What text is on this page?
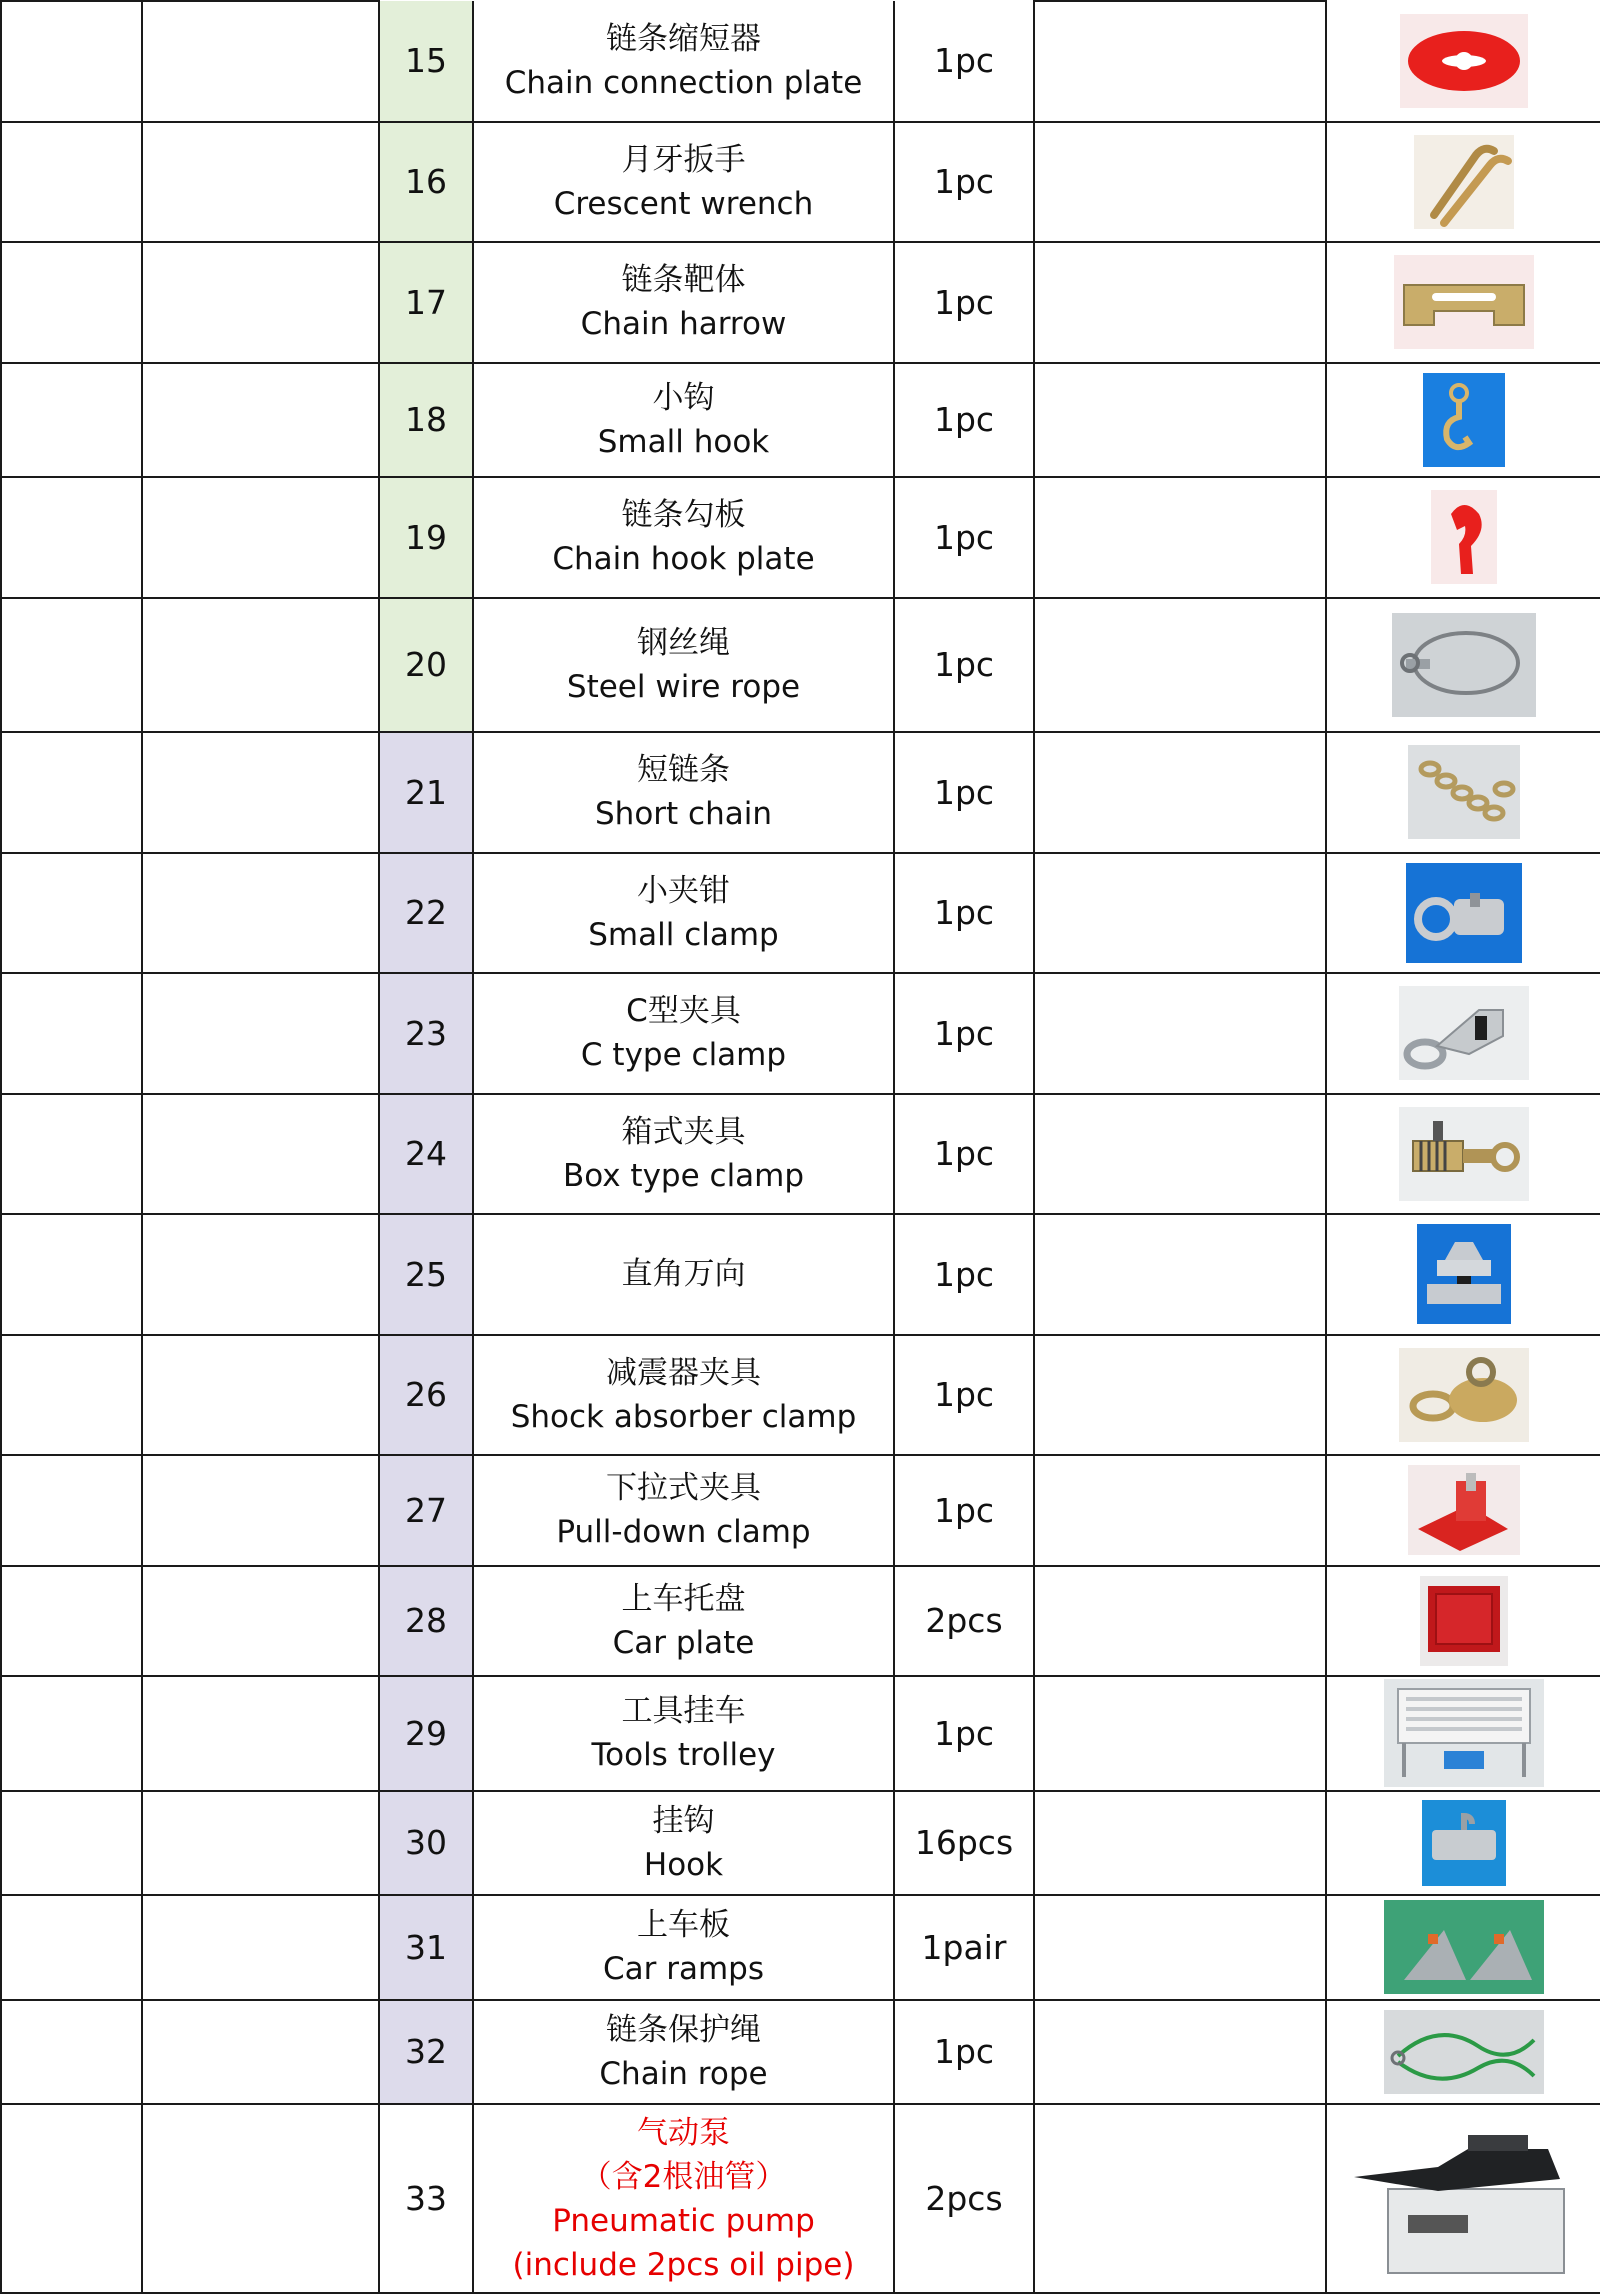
		15	链条缩短器
Chain connection plate	1pc		

		16	月牙扳手
Crescent wrench	1pc		

		17	链条靶体
Chain harrow	1pc		

		18	小钩
Small hook	1pc		

		19	链条勾板
Chain hook plate	1pc		

		20	钢丝绳
Steel wire rope	1pc		

		21	短链条
Short chain	1pc		

		22	小夹钳
Small clamp	1pc		

		23	C型夹具
C type clamp	1pc		

		24	箱式夹具
Box type clamp	1pc		

		25	直角万向	1pc		

		26	减震器夹具
Shock absorber clamp	1pc		

		27	下拉式夹具
Pull-down clamp	1pc		

		28	上车托盘
Car plate	2pcs		

		29	工具挂车
Tools trolley	1pc		

		30	挂钩
Hook	16pcs		

		31	上车板
Car ramps	1pair		

		32	链条保护绳
Chain rope	1pc		

		33	气动泵
（含2根油管）
Pneumatic pump
(include 2pcs oil pipe)	2pcs		
